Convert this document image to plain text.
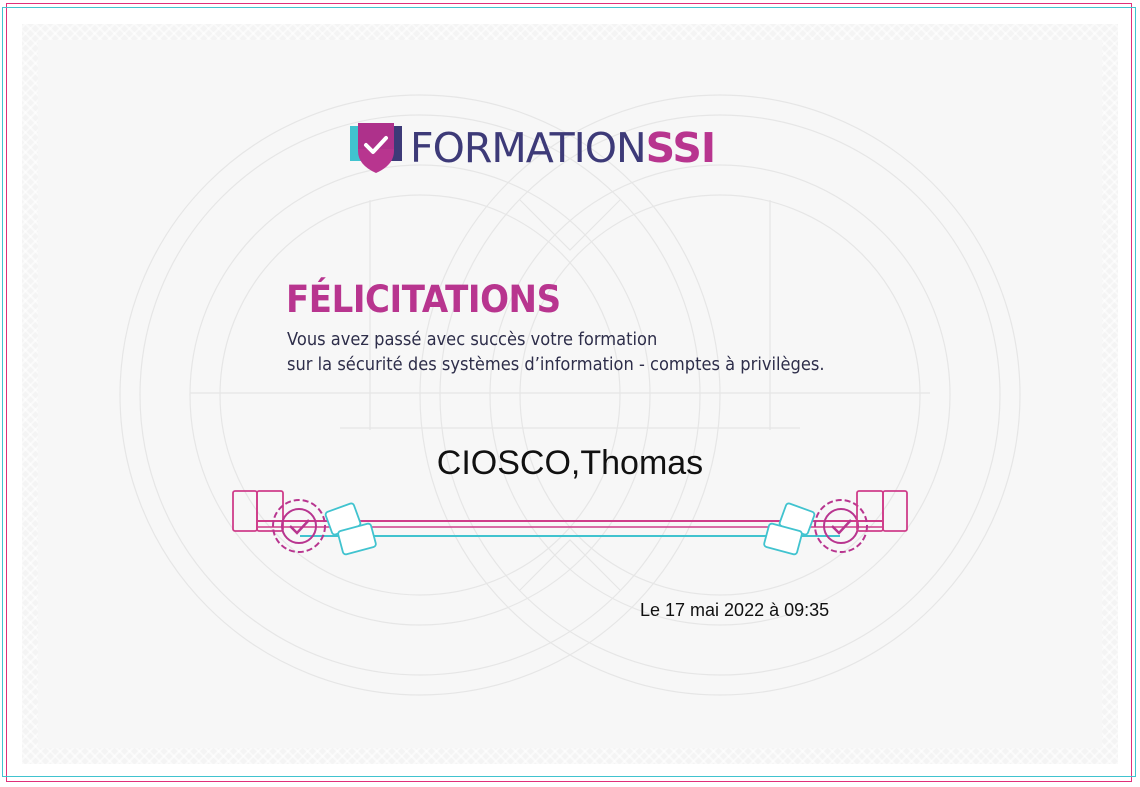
FORMATIONSSI
FÉLICITATIONS
Vous avez passé avec succès votre formation
sur la sécurité des systèmes d’information - comptes à privilèges.
CIOSCO,Thomas
Le 17 mai 2022 à 09:35
